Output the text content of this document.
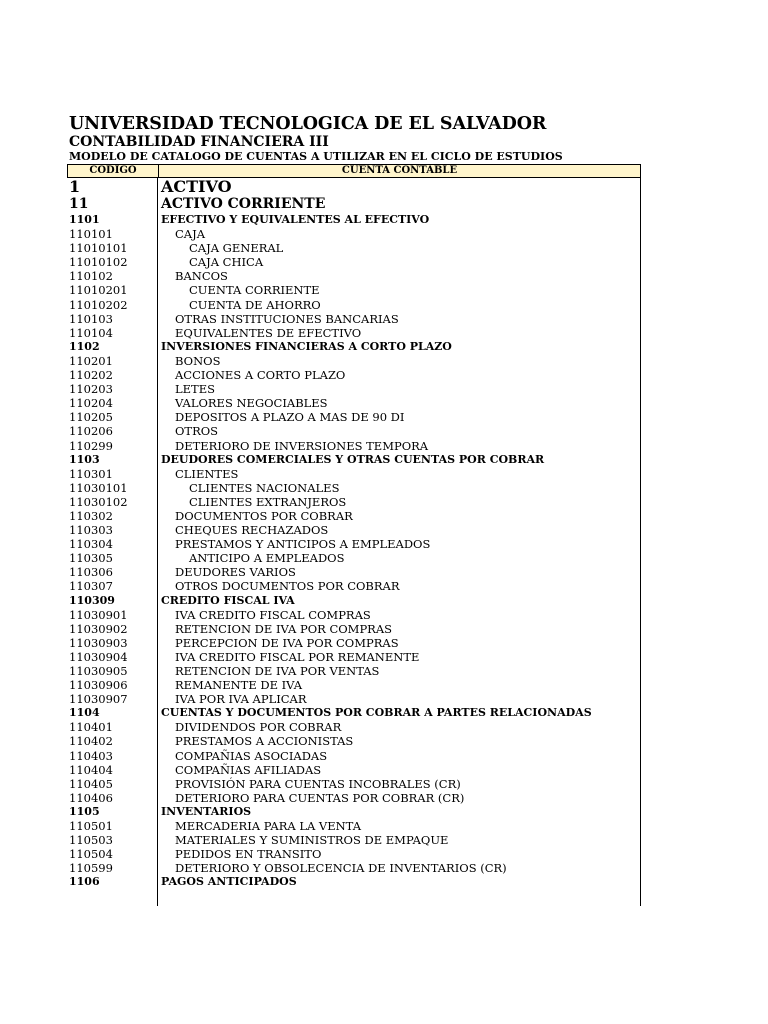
UNIVERSIDAD TECNOLOGICA DE EL SALVADOR
CONTABILIDAD FINANCIERA III
MODELO DE CATALOGO DE CUENTAS A UTILIZAR EN EL CICLO DE ESTUDIOS
CODIGO	CUENTA CONTABLE
1	ACTIVO
11	ACTIVO CORRIENTE
1101	EFECTIVO Y EQUIVALENTES AL EFECTIVO
110101	CAJA
11010101	CAJA GENERAL
11010102	CAJA CHICA
110102	BANCOS
11010201	CUENTA CORRIENTE
11010202	CUENTA DE AHORRO
110103	OTRAS INSTITUCIONES BANCARIAS
110104	EQUIVALENTES DE EFECTIVO
1102	INVERSIONES FINANCIERAS A CORTO PLAZO
110201	BONOS
110202	ACCIONES A CORTO PLAZO
110203	LETES
110204	VALORES NEGOCIABLES
110205	DEPOSITOS A PLAZO A MAS DE 90 DI
110206	OTROS
110299	DETERIORO DE INVERSIONES TEMPORA
1103	DEUDORES COMERCIALES Y OTRAS CUENTAS POR COBRAR
110301	CLIENTES
11030101	CLIENTES NACIONALES
11030102	CLIENTES EXTRANJEROS
110302	DOCUMENTOS POR COBRAR
110303	CHEQUES RECHAZADOS
110304	PRESTAMOS Y ANTICIPOS A EMPLEADOS
110305	ANTICIPO A EMPLEADOS
110306	DEUDORES VARIOS
110307	OTROS DOCUMENTOS POR COBRAR
110309	CREDITO FISCAL IVA
11030901	IVA CREDITO FISCAL COMPRAS
11030902	RETENCION DE IVA POR COMPRAS
11030903	PERCEPCION DE IVA POR COMPRAS
11030904	IVA CREDITO FISCAL POR REMANENTE
11030905	RETENCION DE IVA POR VENTAS
11030906	REMANENTE DE IVA
11030907	IVA POR IVA APLICAR
1104	CUENTAS Y DOCUMENTOS POR COBRAR A PARTES RELACIONADAS
110401	DIVIDENDOS POR COBRAR
110402	PRESTAMOS A ACCIONISTAS
110403	COMPAÑIAS ASOCIADAS
110404	COMPAÑIAS AFILIADAS
110405	PROVISIÓN PARA CUENTAS INCOBRALES (CR)
110406	DETERIORO PARA CUENTAS POR COBRAR (CR)
1105	INVENTARIOS
110501	MERCADERIA PARA LA VENTA
110503	MATERIALES Y SUMINISTROS DE EMPAQUE
110504	PEDIDOS EN TRANSITO
110599	DETERIORO Y OBSOLECENCIA DE INVENTARIOS (CR)
1106	PAGOS ANTICIPADOS
